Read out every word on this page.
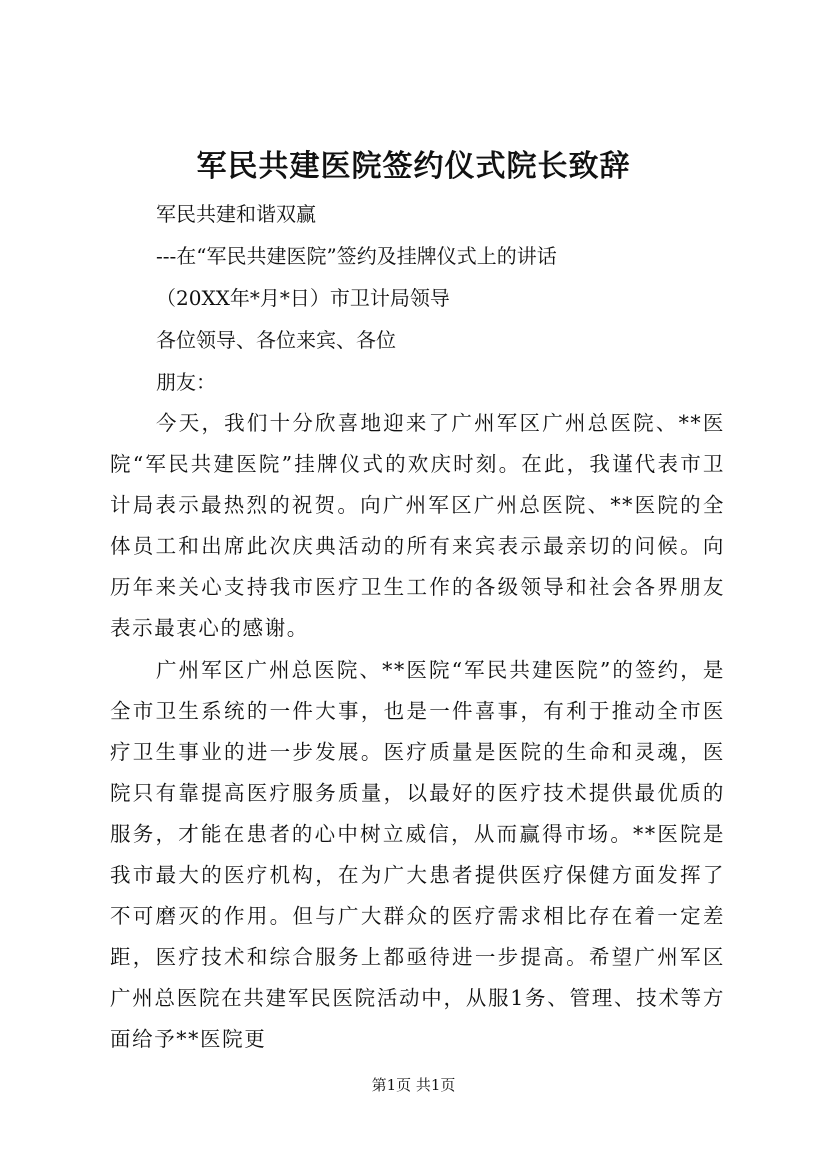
军民共建医院签约仪式院长致辞
军民共建和谐双赢
---在“军民共建医院”签约及挂牌仪式上的讲话
（20XX年*月*日）市卫计局领导
各位领导、各位来宾、各位
朋友：

今天，我们十分欣喜地迎来了广州军区广州总医院、**医院“军民共建医院”挂牌仪式的欢庆时刻。在此，我谨代表市卫计局表示最热烈的祝贺。向广州军区广州总医院、**医院的全体员工和出席此次庆典活动的所有来宾表示最亲切的问候。向历年来关心支持我市医疗卫生工作的各级领导和社会各界朋友表示最衷心的感谢。

广州军区广州总医院、**医院“军民共建医院”的签约，是全市卫生系统的一件大事，也是一件喜事，有利于推动全市医疗卫生事业的进一步发展。医疗质量是医院的生命和灵魂，医院只有靠提高医疗服务质量，以最好的医疗技术提供最优质的服务，才能在患者的心中树立威信，从而赢得市场。**医院是我市最大的医疗机构，在为广大患者提供医疗保健方面发挥了不可磨灭的作用。但与广大群众的医疗需求相比存在着一定差距，医疗技术和综合服务上都亟待进一步提高。希望广州军区广州总医院在共建军民医院活动中，从服1务、管理、技术等方面给予**医院更

第1页 共1页
